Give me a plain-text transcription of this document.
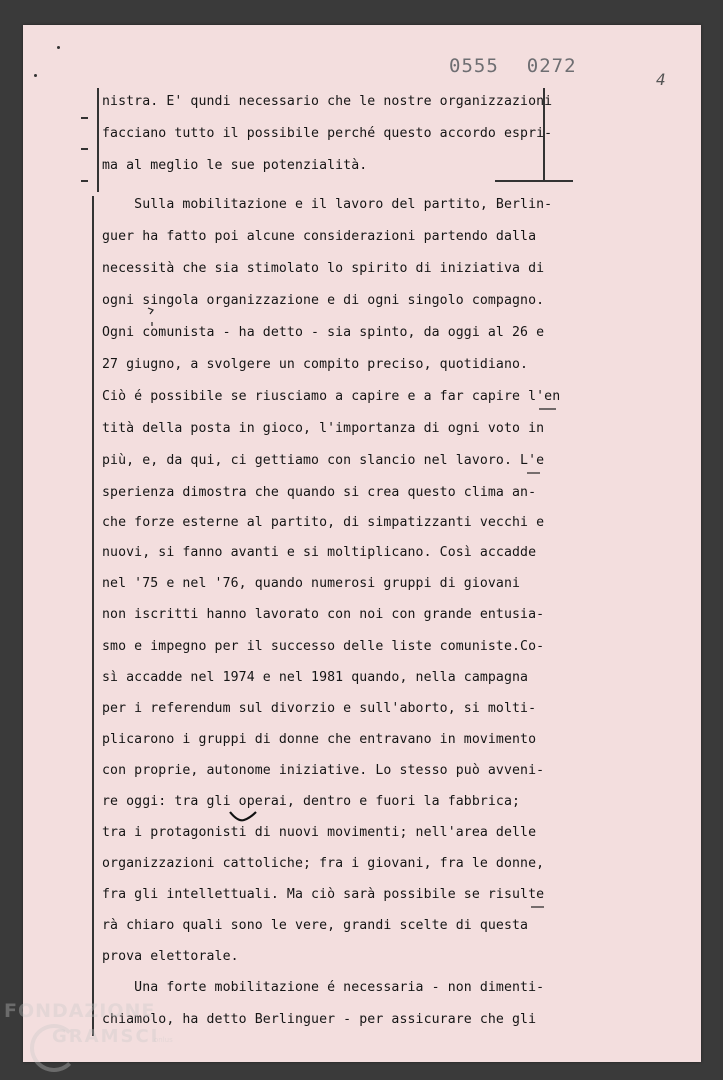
0555 0272
4
nistra. E' qundi necessario che le nostre organizzazioni
facciano tutto il possibile perché questo accordo espri-
ma al meglio le sue potenzialità.
Sulla mobilitazione e il lavoro del partito, Berlin-
guer ha fatto poi alcune considerazioni partendo dalla
necessità che sia stimolato lo spirito di iniziativa di
ogni singola organizzazione e di ogni singolo compagno.
Ogni comunista - ha detto - sia spinto, da oggi al 26 e
27 giugno, a svolgere un compito preciso, quotidiano.
Ciò é possibile se riusciamo a capire e a far capire l'en
tità della posta in gioco, l'importanza di ogni voto in
più, e, da qui, ci gettiamo con slancio nel lavoro. L'e
sperienza dimostra che quando si crea questo clima an-
che forze esterne al partito, di simpatizzanti vecchi e
nuovi, si fanno avanti e si moltiplicano. Così accadde
nel '75 e nel '76, quando numerosi gruppi di giovani
non iscritti hanno lavorato con noi con grande entusia-
smo e impegno per il successo delle liste comuniste.Co-
sì accadde nel 1974 e nel 1981 quando, nella campagna
per i referendum sul divorzio e sull'aborto, si molti-
plicarono i gruppi di donne che entravano in movimento
con proprie, autonome iniziative. Lo stesso può avveni-
re oggi: tra gli operai, dentro e fuori la fabbrica;
tra i protagonisti di nuovi movimenti; nell'area delle
organizzazioni cattoliche; fra i giovani, fra le donne,
fra gli intellettuali. Ma ciò sarà possibile se risulte
rà chiaro quali sono le vere, grandi scelte di questa
prova elettorale.
Una forte mobilitazione é necessaria - non dimenti-
chiamolo, ha detto Berlinguer - per assicurare che gli
FONDAZIONE
GRAMSCI
onlus
